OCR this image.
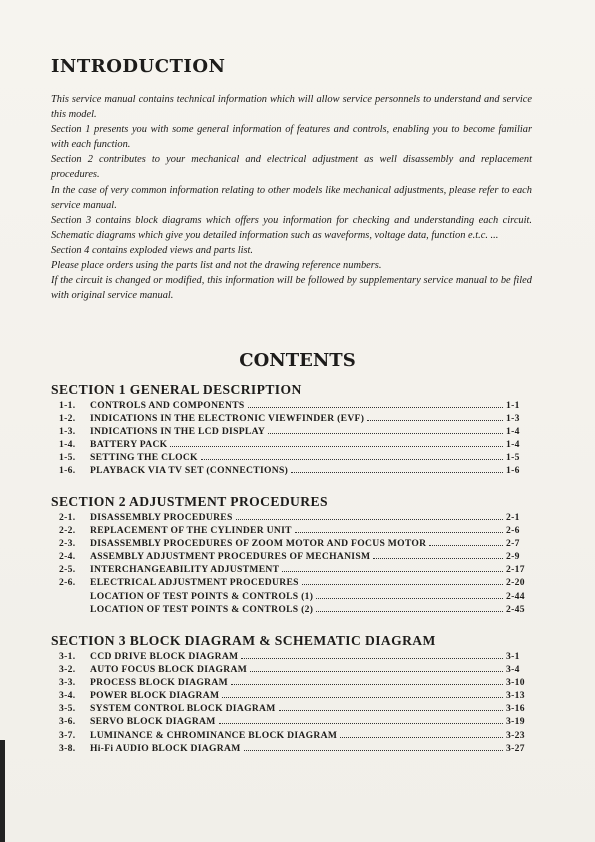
INTRODUCTION

This service manual contains technical information which will allow service personnels to understand and service this model.

Section 1 presents you with some general information of features and controls, enabling you to become familiar with each function.

Section 2 contributes to your mechanical and electrical adjustment as well disassembly and replacement procedures.

In the case of very common information relating to other models like mechanical adjustments, please refer to each service manual.

Section 3 contains block diagrams which offers you information for checking and understanding each circuit. Schematic diagrams which give you detailed information such as waveforms, voltage data, function e.t.c. ...

Section 4 contains exploded views and parts list.

Please place orders using the parts list and not the drawing reference numbers.

If the circuit is changed or modified, this information will be followed by supplementary service manual to be filed with original service manual.

CONTENTS
SECTION 1 GENERAL DESCRIPTION
1-1.	CONTROLS AND COMPONENTS	1-1
1-2.	INDICATIONS IN THE ELECTRONIC VIEWFINDER (EVF)	1-3
1-3.	INDICATIONS IN THE LCD DISPLAY	1-4
1-4.	BATTERY PACK	1-4
1-5.	SETTING THE CLOCK	1-5
1-6.	PLAYBACK VIA TV SET (CONNECTIONS)	1-6
SECTION 2 ADJUSTMENT PROCEDURES
2-1.	DISASSEMBLY PROCEDURES	2-1
2-2.	REPLACEMENT OF THE CYLINDER UNIT	2-6
2-3.	DISASSEMBLY PROCEDURES OF ZOOM MOTOR AND FOCUS MOTOR	2-7
2-4.	ASSEMBLY ADJUSTMENT PROCEDURES OF MECHANISM	2-9
2-5.	INTERCHANGEABILITY ADJUSTMENT	2-17
2-6.	ELECTRICAL ADJUSTMENT PROCEDURES	2-20
LOCATION OF TEST POINTS & CONTROLS (1)	2-44
LOCATION OF TEST POINTS & CONTROLS (2)	2-45
SECTION 3 BLOCK DIAGRAM & SCHEMATIC DIAGRAM
3-1.	CCD DRIVE BLOCK DIAGRAM	3-1
3-2.	AUTO FOCUS BLOCK DIAGRAM	3-4
3-3.	PROCESS BLOCK DIAGRAM	3-10
3-4.	POWER BLOCK DIAGRAM	3-13
3-5.	SYSTEM CONTROL BLOCK DIAGRAM	3-16
3-6.	SERVO BLOCK DIAGRAM	3-19
3-7.	LUMINANCE & CHROMINANCE BLOCK DIAGRAM	3-23
3-8.	Hi-Fi AUDIO BLOCK DIAGRAM	3-27
